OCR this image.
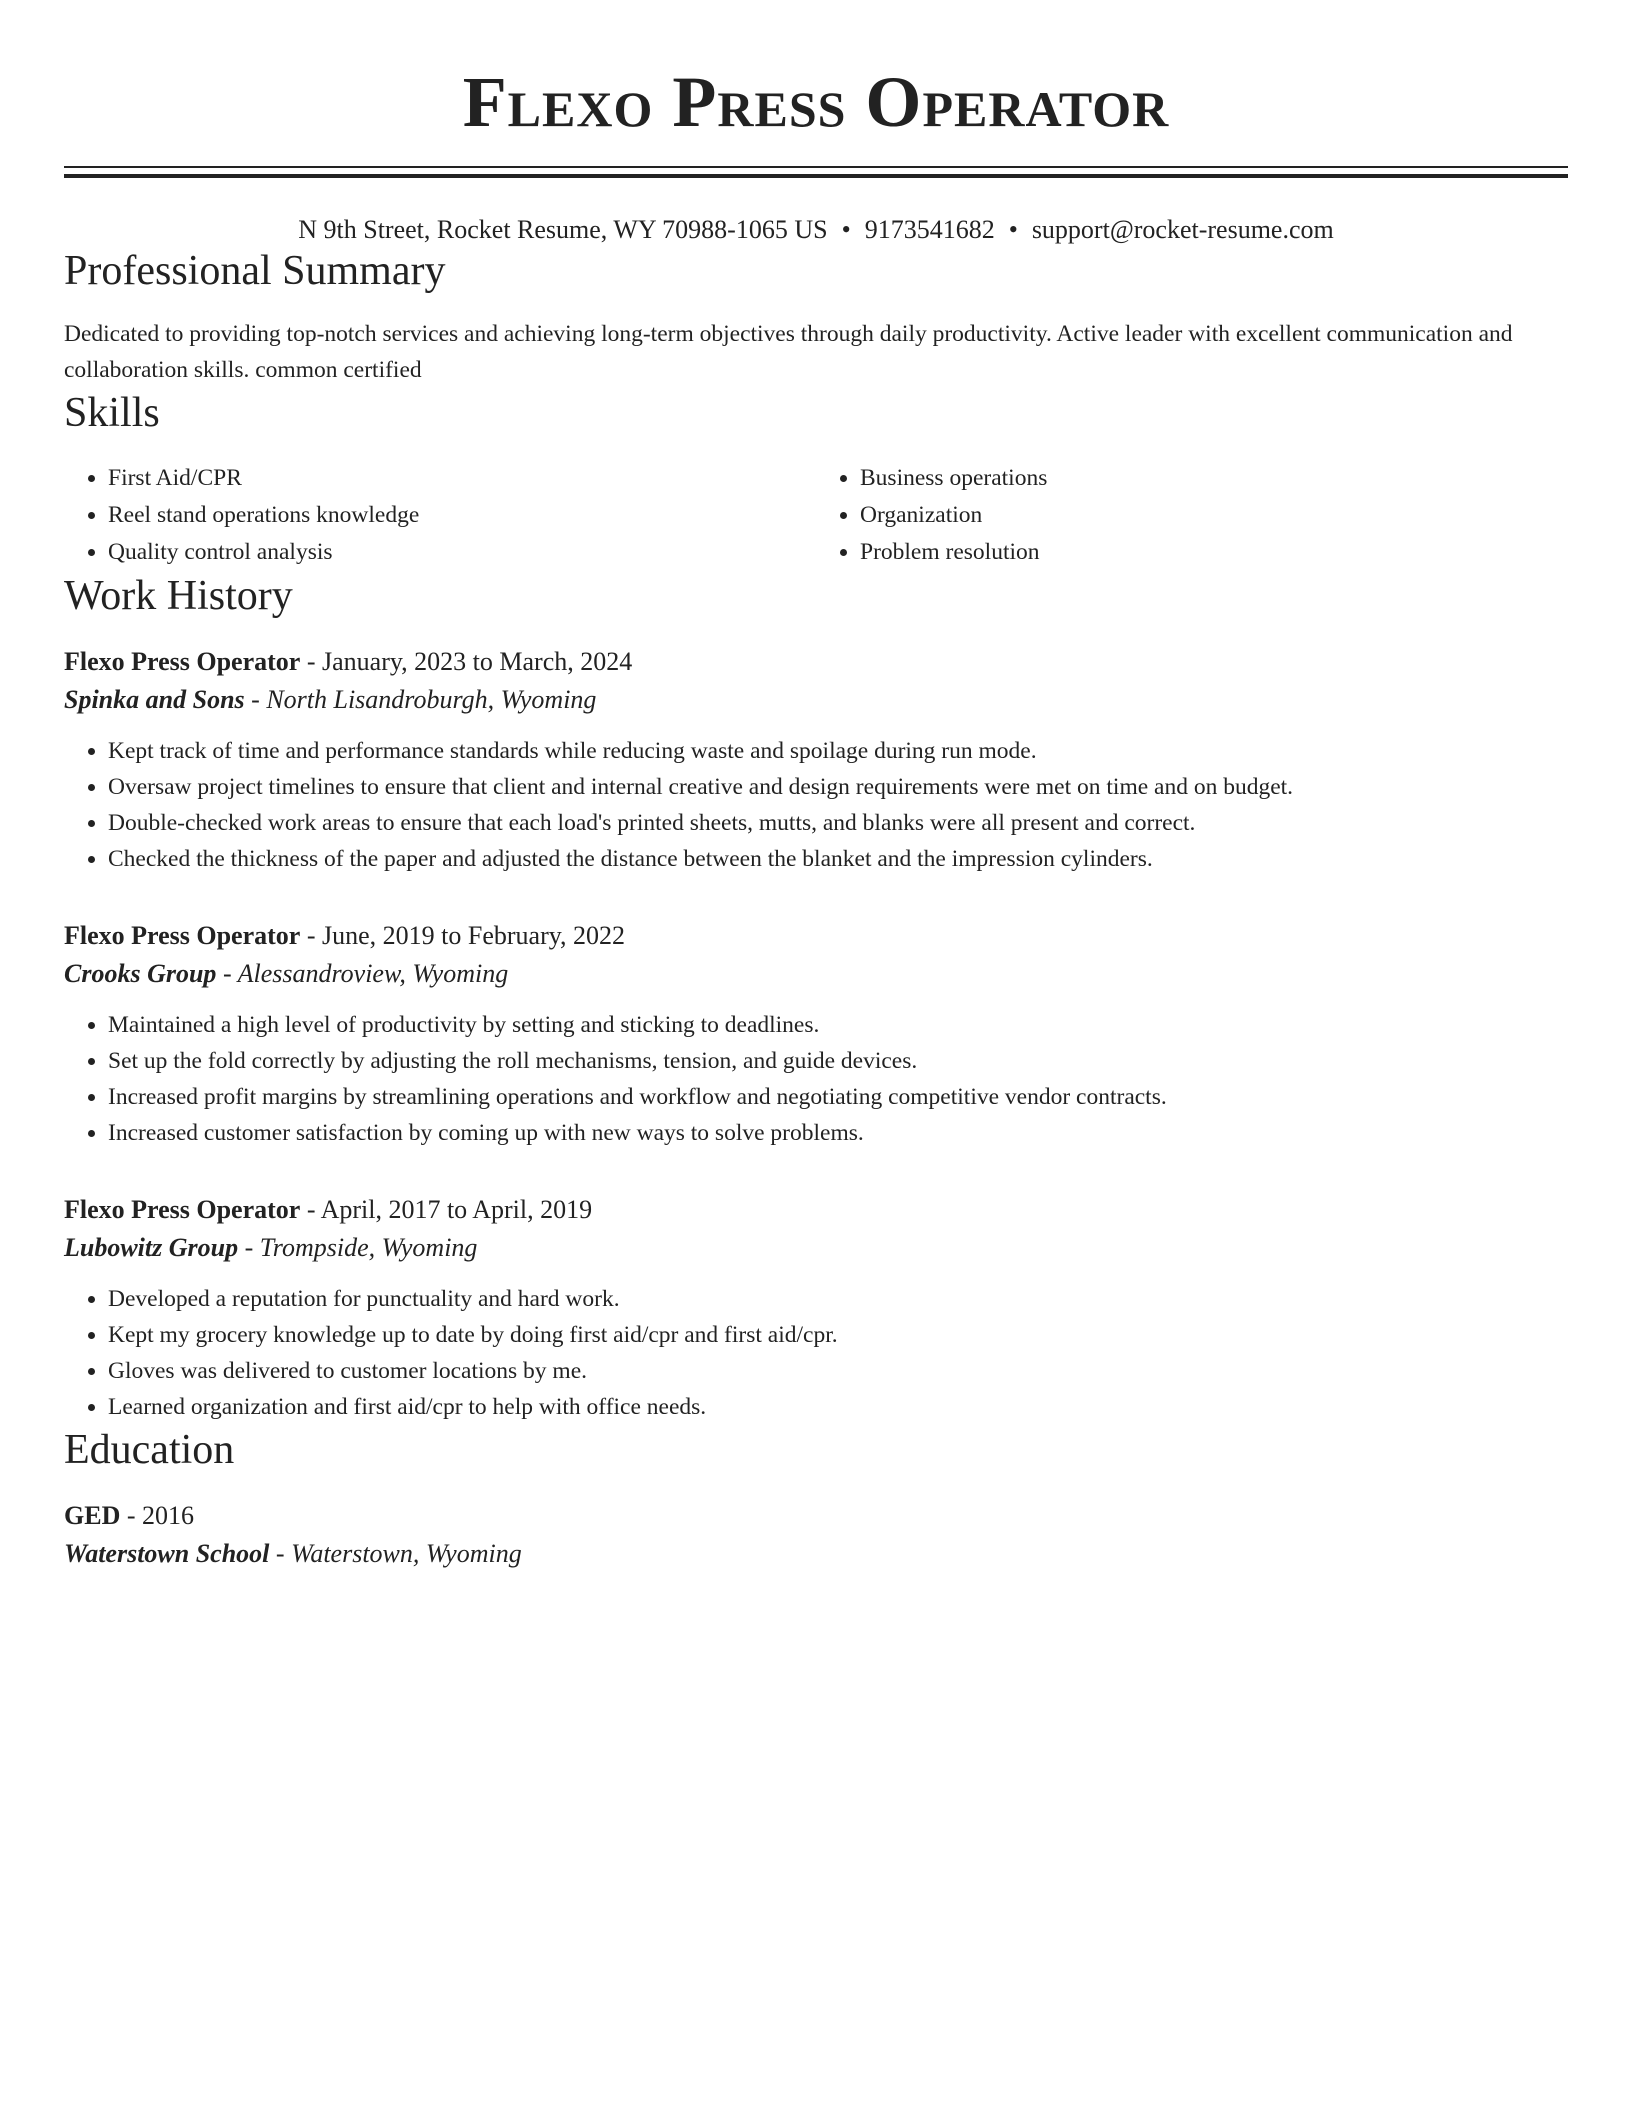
Flexo Press Operator
N 9th Street, Rocket Resume, WY 70988-1065 US • 9173541682 • support@rocket-resume.com
Professional Summary
Dedicated to providing top-notch services and achieving long-term objectives through daily productivity. Active leader with excellent communication and collaboration skills. common certified
Skills
• First Aid/CPR
• Reel stand operations knowledge
• Quality control analysis
• Business operations
• Organization
• Problem resolution
Work History
Flexo Press Operator - January, 2023 to March, 2024
Spinka and Sons - North Lisandroburgh, Wyoming
• Kept track of time and performance standards while reducing waste and spoilage during run mode.
• Oversaw project timelines to ensure that client and internal creative and design requirements were met on time and on budget.
• Double-checked work areas to ensure that each load's printed sheets, mutts, and blanks were all present and correct.
• Checked the thickness of the paper and adjusted the distance between the blanket and the impression cylinders.
Flexo Press Operator - June, 2019 to February, 2022
Crooks Group - Alessandroview, Wyoming
• Maintained a high level of productivity by setting and sticking to deadlines.
• Set up the fold correctly by adjusting the roll mechanisms, tension, and guide devices.
• Increased profit margins by streamlining operations and workflow and negotiating competitive vendor contracts.
• Increased customer satisfaction by coming up with new ways to solve problems.
Flexo Press Operator - April, 2017 to April, 2019
Lubowitz Group - Trompside, Wyoming
• Developed a reputation for punctuality and hard work.
• Kept my grocery knowledge up to date by doing first aid/cpr and first aid/cpr.
• Gloves was delivered to customer locations by me.
• Learned organization and first aid/cpr to help with office needs.
Education
GED - 2016
Waterstown School - Waterstown, Wyoming
